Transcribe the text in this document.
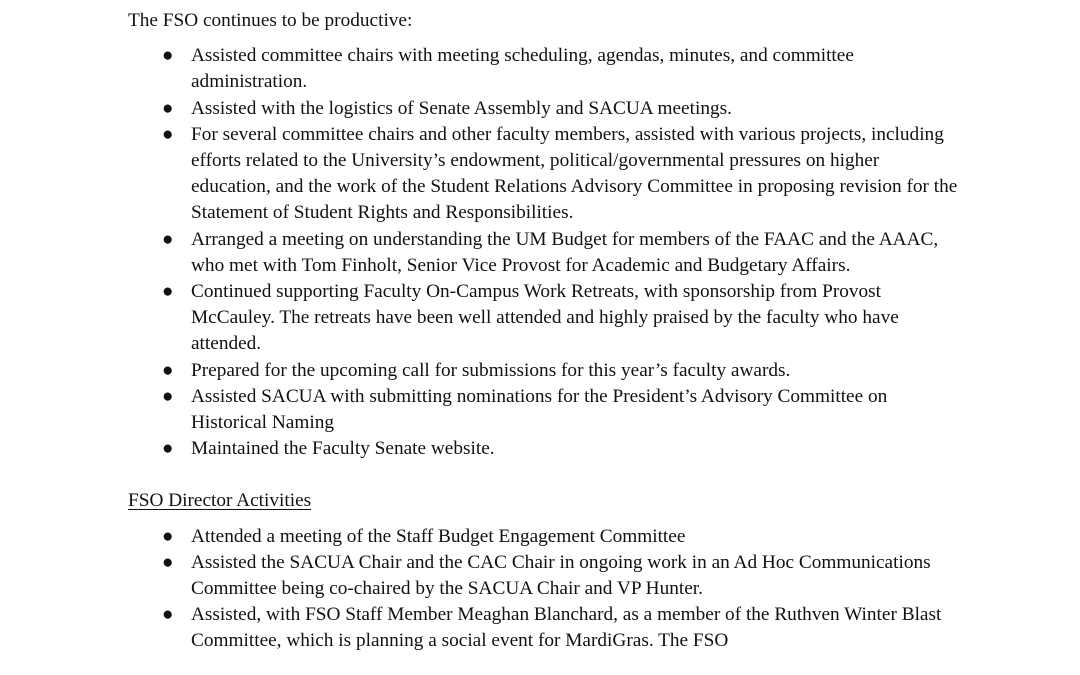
The FSO continues to be productive:

● Assisted committee chairs with meeting scheduling, agendas, minutes, and committee administration.
● Assisted with the logistics of Senate Assembly and SACUA meetings.
● For several committee chairs and other faculty members, assisted with various projects, including efforts related to the University’s endowment, political/governmental pressures on higher education, and the work of the Student Relations Advisory Committee in proposing revision for the Statement of Student Rights and Responsibilities.
● Arranged a meeting on understanding the UM Budget for members of the FAAC and the AAAC, who met with Tom Finholt, Senior Vice Provost for Academic and Budgetary Affairs.
● Continued supporting Faculty On-Campus Work Retreats, with sponsorship from Provost McCauley. The retreats have been well attended and highly praised by the faculty who have attended.
● Prepared for the upcoming call for submissions for this year’s faculty awards.
● Assisted SACUA with submitting nominations for the President’s Advisory Committee on Historical Naming
● Maintained the Faculty Senate website.

FSO Director Activities

● Attended a meeting of the Staff Budget Engagement Committee
● Assisted the SACUA Chair and the CAC Chair in ongoing work in an Ad Hoc Communications Committee being co-chaired by the SACUA Chair and VP Hunter.
● Assisted, with FSO Staff Member Meaghan Blanchard, as a member of the Ruthven Winter Blast Committee, which is planning a social event for MardiGras. The FSO
